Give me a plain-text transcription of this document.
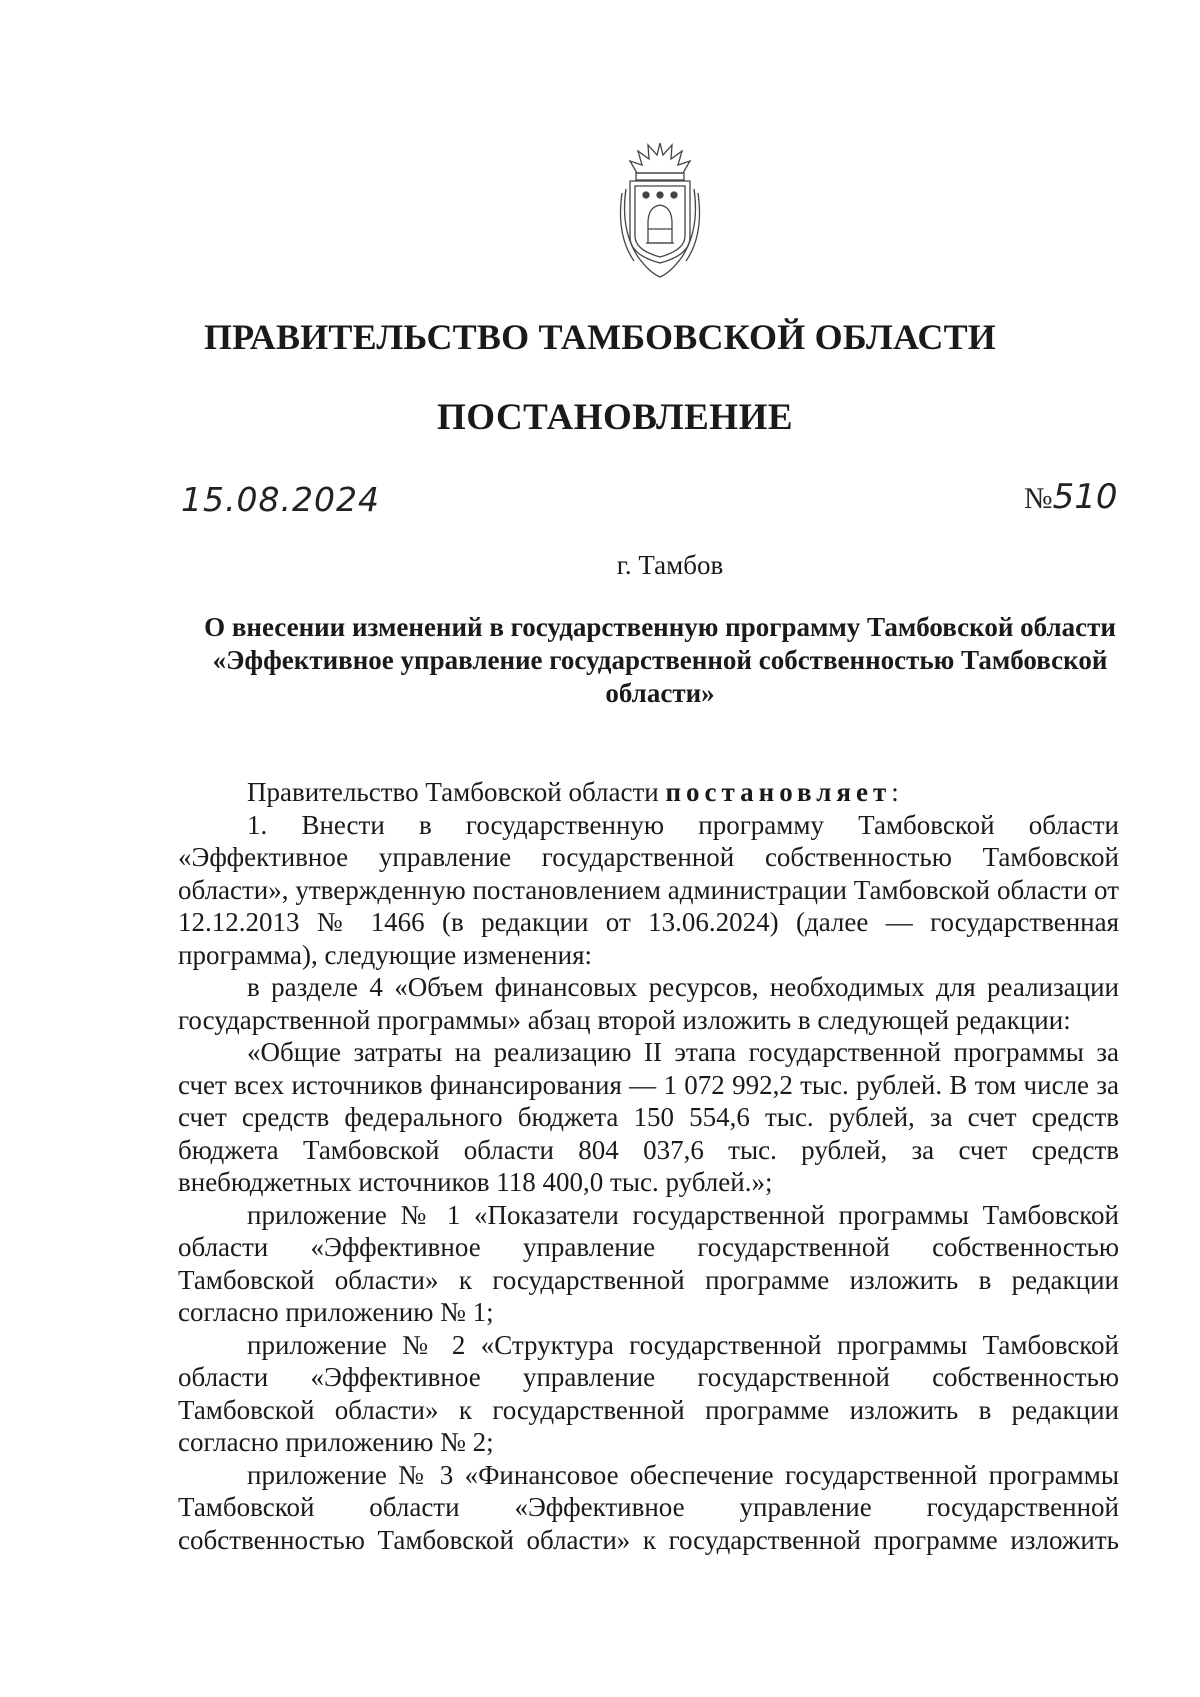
ПРАВИТЕЛЬСТВО ТАМБОВСКОЙ ОБЛАСТИ
ПОСТАНОВЛЕНИЕ
15.08.2024	№510
г. Тамбов
О внесении изменений в государственную программу Тамбовской области
«Эффективное управление государственной собственностью Тамбовской
области»

Правительство Тамбовской области постановляет:

1. Внести в государственную программу Тамбовской области «Эффективное управление государственной собственностью Тамбовской области», утвержденную постановлением администрации Тамбовской области от 12.12.2013 № 1466 (в редакции от 13.06.2024) (далее — государственная программа), следующие изменения:

в разделе 4 «Объем финансовых ресурсов, необходимых для реализации государственной программы» абзац второй изложить в следующей редакции:

«Общие затраты на реализацию II этапа государственной программы за счет всех источников финансирования — 1 072 992,2 тыс. рублей. В том числе за счет средств федерального бюджета 150 554,6 тыс. рублей, за счет средств бюджета Тамбовской области 804 037,6 тыс. рублей, за счет средств внебюджетных источников 118 400,0 тыс. рублей.»;

приложение № 1 «Показатели государственной программы Тамбовской области «Эффективное управление государственной собственностью Тамбовской области» к государственной программе изложить в редакции согласно приложению № 1;

приложение № 2 «Структура государственной программы Тамбовской области «Эффективное управление государственной собственностью Тамбовской области» к государственной программе изложить в редакции согласно приложению № 2;

приложение № 3 «Финансовое обеспечение государственной программы Тамбовской области «Эффективное управление государственной собственностью Тамбовской области» к государственной программе изложить
